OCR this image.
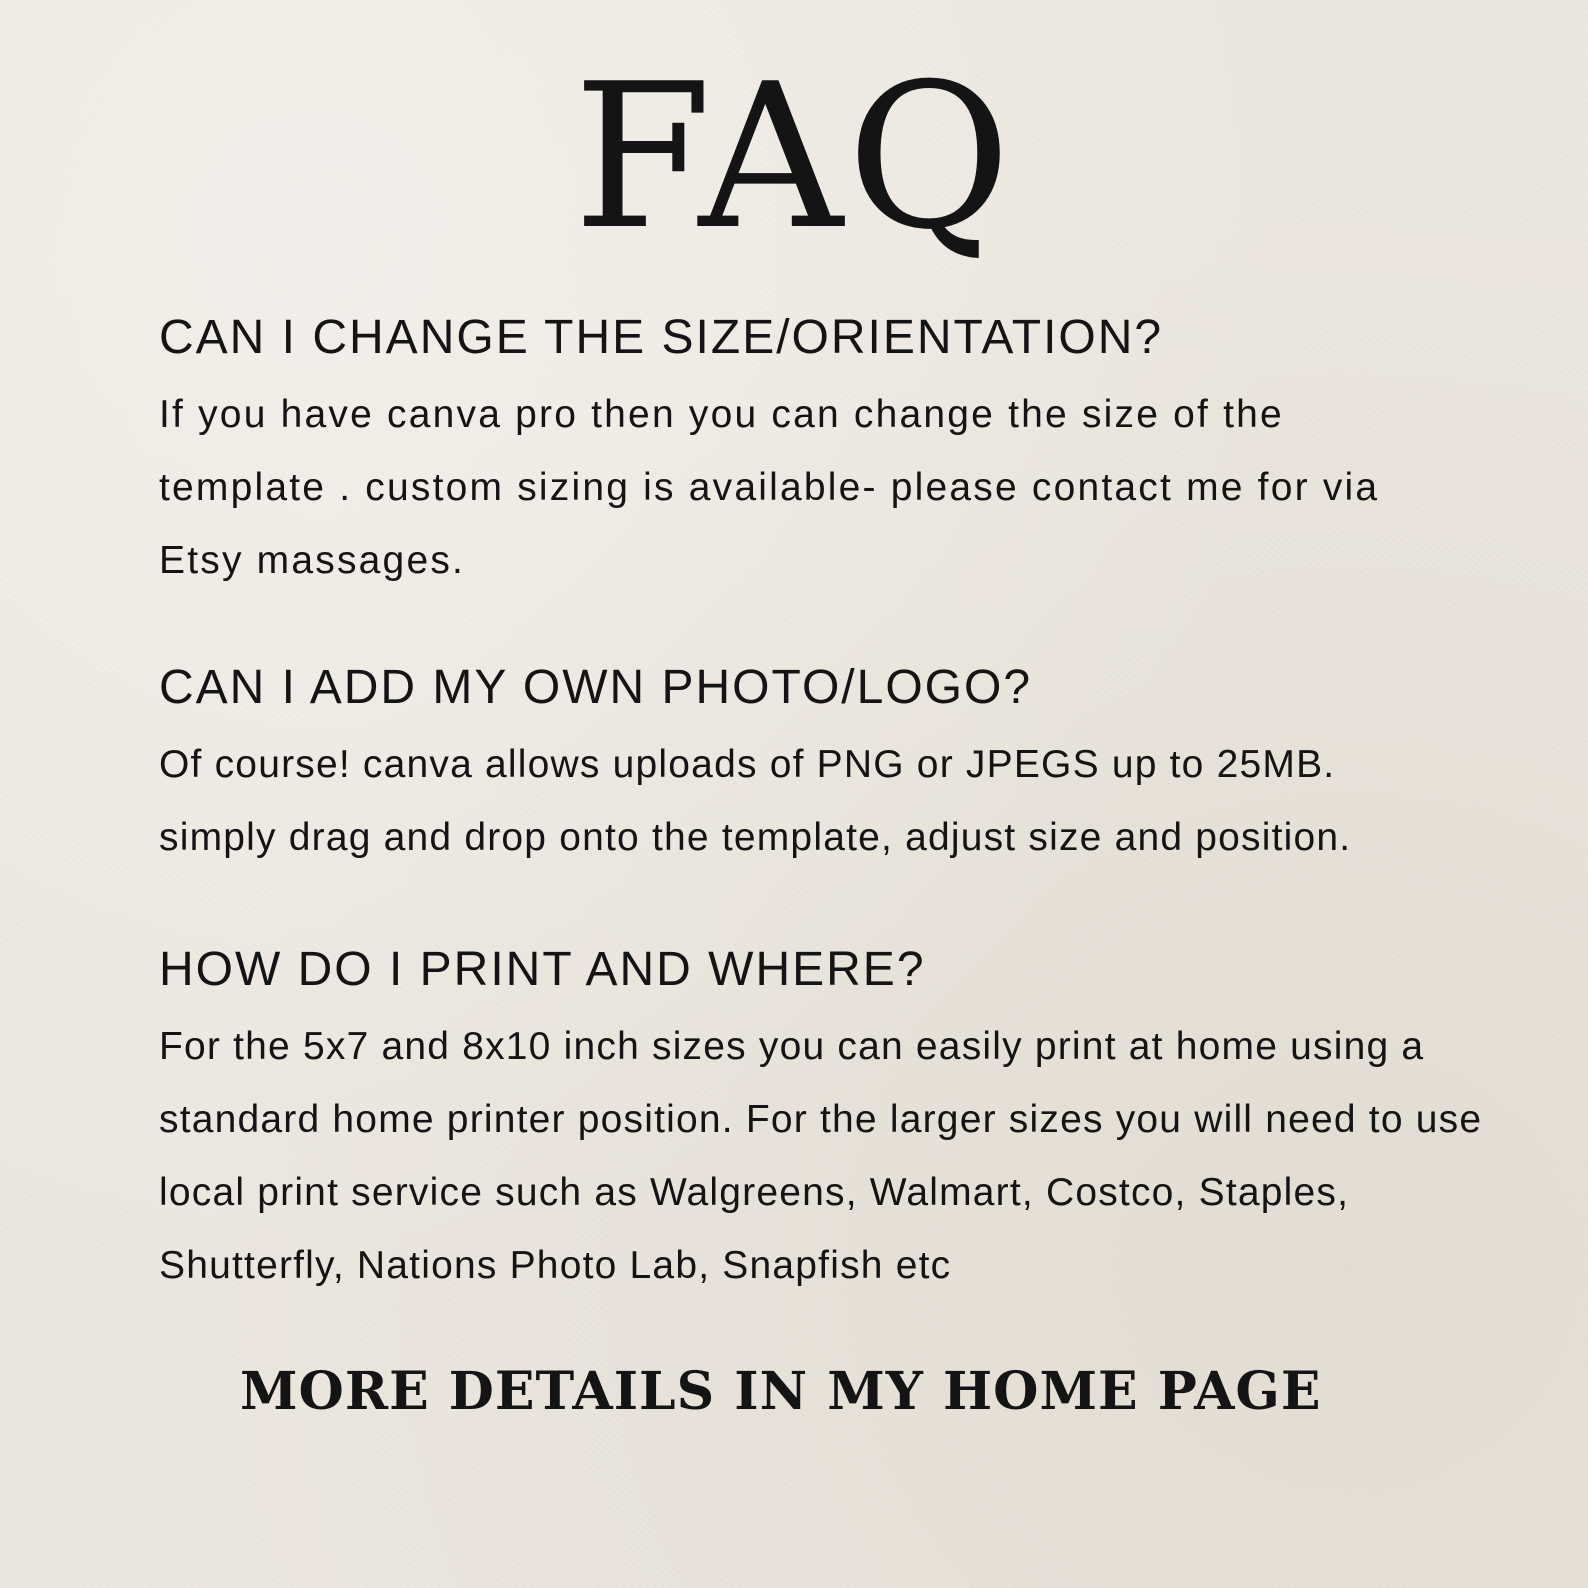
FAQ
CAN I CHANGE THE SIZE/ORIENTATION?

If you have canva pro then you can change the size of the
template . custom sizing is available- please contact me for via
Etsy massages.

CAN I ADD MY OWN PHOTO/LOGO?

Of course! canva allows uploads of PNG or JPEGS up to 25MB.
simply drag and drop onto the template, adjust size and position.

HOW DO I PRINT AND WHERE?

For the 5x7 and 8x10 inch sizes you can easily print at home using a
standard home printer position. For the larger sizes you will need to use
local print service such as Walgreens, Walmart, Costco, Staples,
Shutterfly, Nations Photo Lab, Snapfish etc

MORE DETAILS IN MY HOME PAGE
